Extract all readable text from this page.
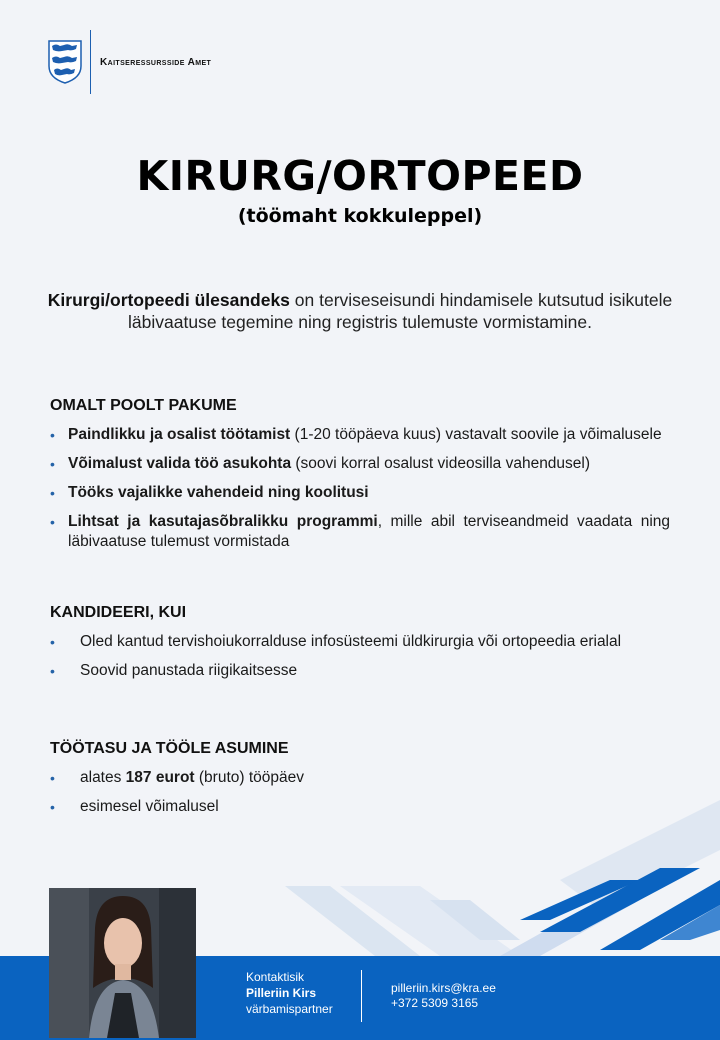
Kaitseressursside Amet
KIRURG/ORTOPEED
(töömaht kokkuleppel)
Kirurgi/ortopeedi ülesandeks on terviseseisundi hindamisele kutsutud isikutele läbivaatuse tegemine ning registris tulemuste vormistamine.
OMALT POOLT PAKUME
• Paindlikku ja osalist töötamist (1-20 tööpäeva kuus) vastavalt soovile ja võimalusele
• Võimalust valida töö asukohta (soovi korral osalust videosilla vahendusel)
• Tööks vajalikke vahendeid ning koolitusi
• Lihtsat ja kasutajasõbralikku programmi, mille abil terviseandmeid vaadata ning läbivaatuse tulemust vormistada
KANDIDEERI, KUI
• Oled kantud tervishoiukorralduse infosüsteemi üldkirurgia või ortopeedia erialal
• Soovid panustada riigikaitsesse
TÖÖTASU JA TÖÖLE ASUMINE
• alates 187 eurot (bruto) tööpäev
• esimesel võimalusel
Kontaktisik
Pilleriin Kirs
värbamispartner
pilleriin.kirs@kra.ee
+372 5309 3165
